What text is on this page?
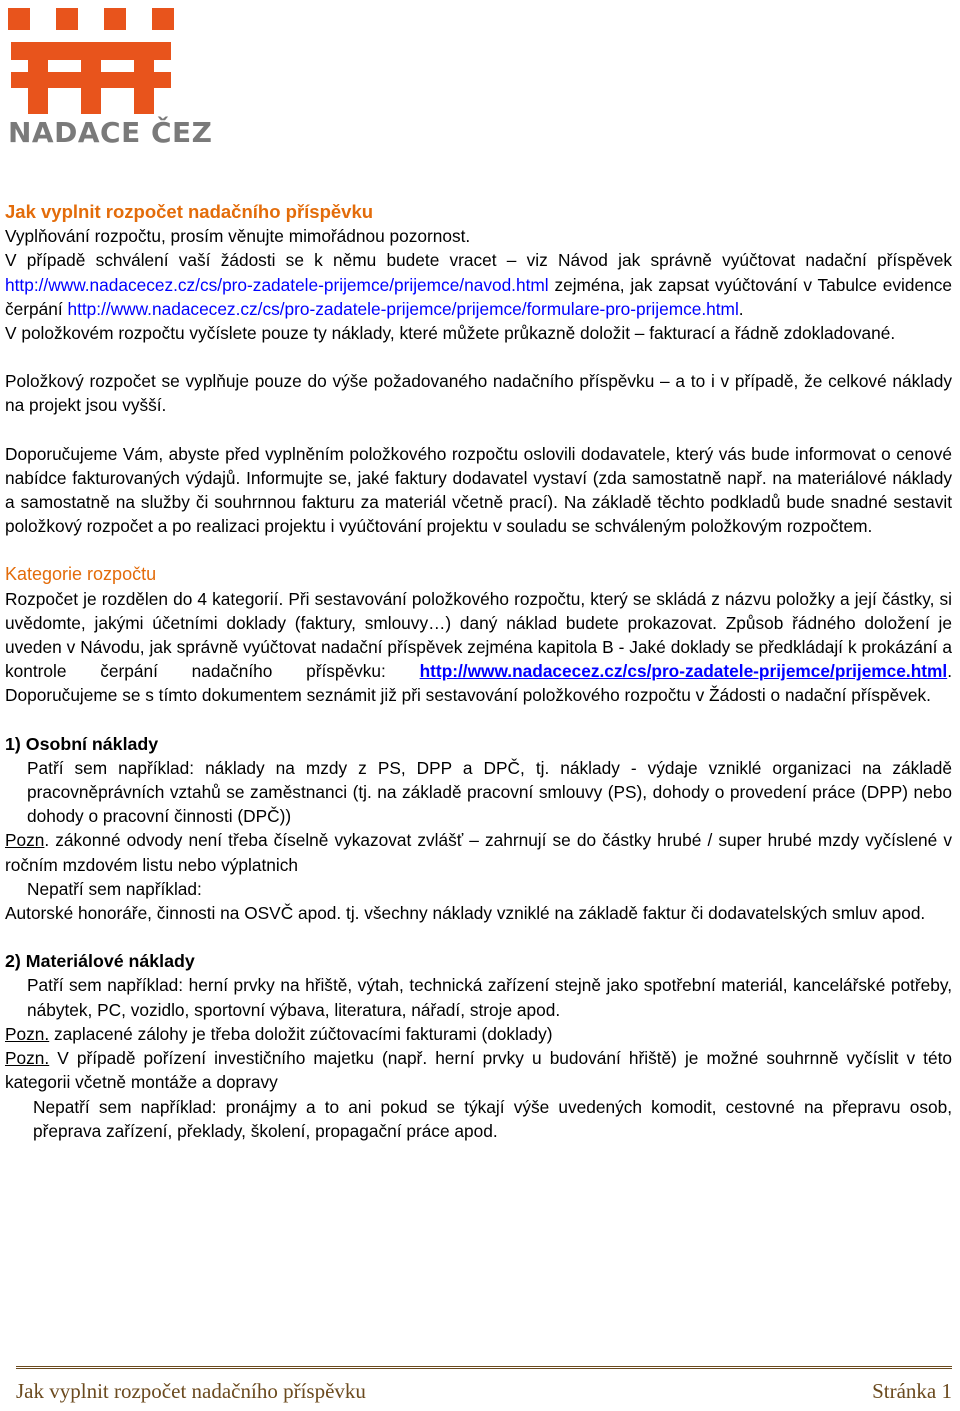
NADACE ČEZ

Jak vyplnit rozpočet nadačního příspěvku

Vyplňování rozpočtu, prosím věnujte mimořádnou pozornost.

V případě schválení vaší žádosti se k němu budete vracet – viz Návod jak správně vyúčtovat nadační příspěvek http://www.nadacecez.cz/cs/pro-zadatele-prijemce/prijemce/navod.html zejména, jak zapsat vyúčtování v Tabulce evidence čerpání http://www.nadacecez.cz/cs/pro-zadatele-prijemce/prijemce/formulare-pro-prijemce.html.

V položkovém rozpočtu vyčíslete pouze ty náklady, které můžete průkazně doložit – fakturací a řádně zdokladované.

Položkový rozpočet se vyplňuje pouze do výše požadovaného nadačního příspěvku – a to i v případě, že celkové náklady na projekt jsou vyšší.

Doporučujeme Vám, abyste před vyplněním položkového rozpočtu oslovili dodavatele, který vás bude informovat o cenové nabídce fakturovaných výdajů. Informujte se, jaké faktury dodavatel vystaví (zda samostatně např. na materiálové náklady a samostatně na služby či souhrnnou fakturu za materiál včetně prací). Na základě těchto podkladů bude snadné sestavit položkový rozpočet a po realizaci projektu i vyúčtování projektu v souladu se schváleným položkovým rozpočtem.

Kategorie rozpočtu

Rozpočet je rozdělen do 4 kategorií. Při sestavování položkového rozpočtu, který se skládá z názvu položky a její částky, si uvědomte, jakými účetními doklady (faktury, smlouvy…) daný náklad budete prokazovat. Způsob řádného doložení je uveden v Návodu, jak správně vyúčtovat nadační příspěvek zejména kapitola B - Jaké doklady se předkládají k prokázání a kontrole čerpání nadačního příspěvku: http://www.nadacecez.cz/cs/pro-zadatele-prijemce/prijemce.html. Doporučujeme se s tímto dokumentem seznámit již při sestavování položkového rozpočtu v Žádosti o nadační příspěvek.

1) Osobní náklady

Patří sem například: náklady na mzdy z PS, DPP a DPČ, tj. náklady - výdaje vzniklé organizaci na základě pracovněprávních vztahů se zaměstnanci (tj. na základě pracovní smlouvy (PS), dohody o provedení práce (DPP) nebo dohody o pracovní činnosti (DPČ))

Pozn. zákonné odvody není třeba číselně vykazovat zvlášť – zahrnují se do částky hrubé / super hrubé mzdy vyčíslené v ročním mzdovém listu nebo výplatnich

Nepatří sem například:

Autorské honoráře, činnosti na OSVČ apod. tj. všechny náklady vzniklé na základě faktur či dodavatelských smluv apod.

2) Materiálové náklady

Patří sem například: herní prvky na hřiště, výtah, technická zařízení stejně jako spotřební materiál, kancelářské potřeby, nábytek, PC, vozidlo, sportovní výbava, literatura, nářadí, stroje apod.

Pozn. zaplacené zálohy je třeba doložit zúčtovacími fakturami (doklady)

Pozn. V případě pořízení investičního majetku (např. herní prvky u budování hřiště) je možné souhrnně vyčíslit v této kategorii včetně montáže a dopravy

Nepatří sem například: pronájmy a to ani pokud se týkají výše uvedených komodit, cestovné na přepravu osob, přeprava zařízení, překlady, školení, propagační práce apod.

Jak vyplnit rozpočet nadačního příspěvku	Stránka 1
